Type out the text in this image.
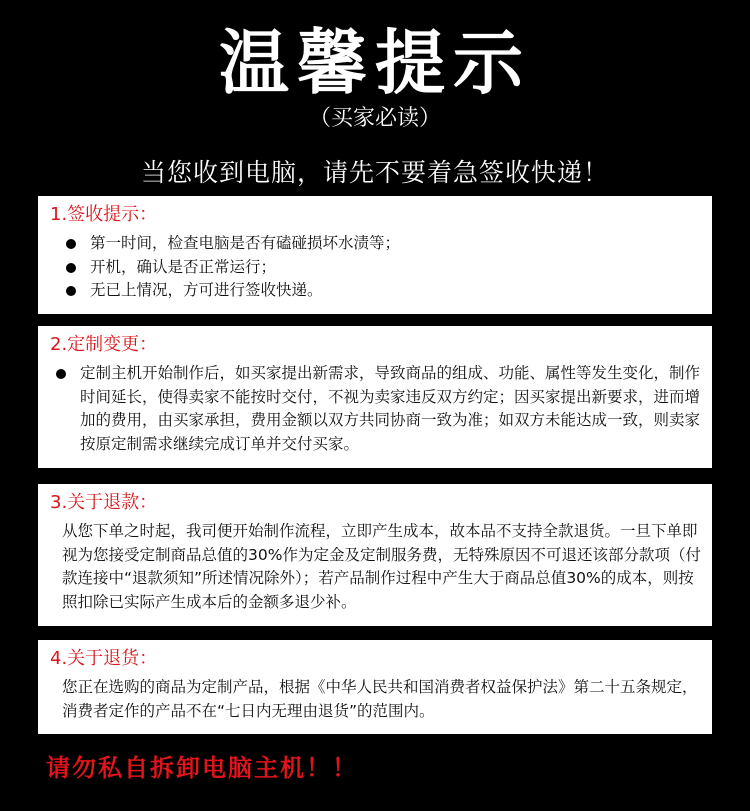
温馨提示
（买家必读）
当您收到电脑，请先不要着急签收快递！
1.签收提示：
第一时间，检查电脑是否有磕碰损坏水渍等；
开机，确认是否正常运行；
无已上情况，方可进行签收快递。
2.定制变更：
定制主机开始制作后，如买家提出新需求，导致商品的组成、功能、属性等发生变化，制作时间延长，使得卖家不能按时交付，不视为卖家违反双方约定；因买家提出新要求，进而增加的费用，由买家承担，费用金额以双方共同协商一致为准；如双方未能达成一致，则卖家按原定制需求继续完成订单并交付买家。
3.关于退款：
从您下单之时起，我司便开始制作流程，立即产生成本，故本品不支持全款退货。一旦下单即视为您接受定制商品总值的30%作为定金及定制服务费，无特殊原因不可退还该部分款项（付款连接中“退款须知”所述情况除外）；若产品制作过程中产生大于商品总值30%的成本，则按照扣除已实际产生成本后的金额多退少补。
4.关于退货：
您正在选购的商品为定制产品，根据《中华人民共和国消费者权益保护法》第二十五条规定，消费者定作的产品不在“七日内无理由退货”的范围内。
请勿私自拆卸电脑主机！！
